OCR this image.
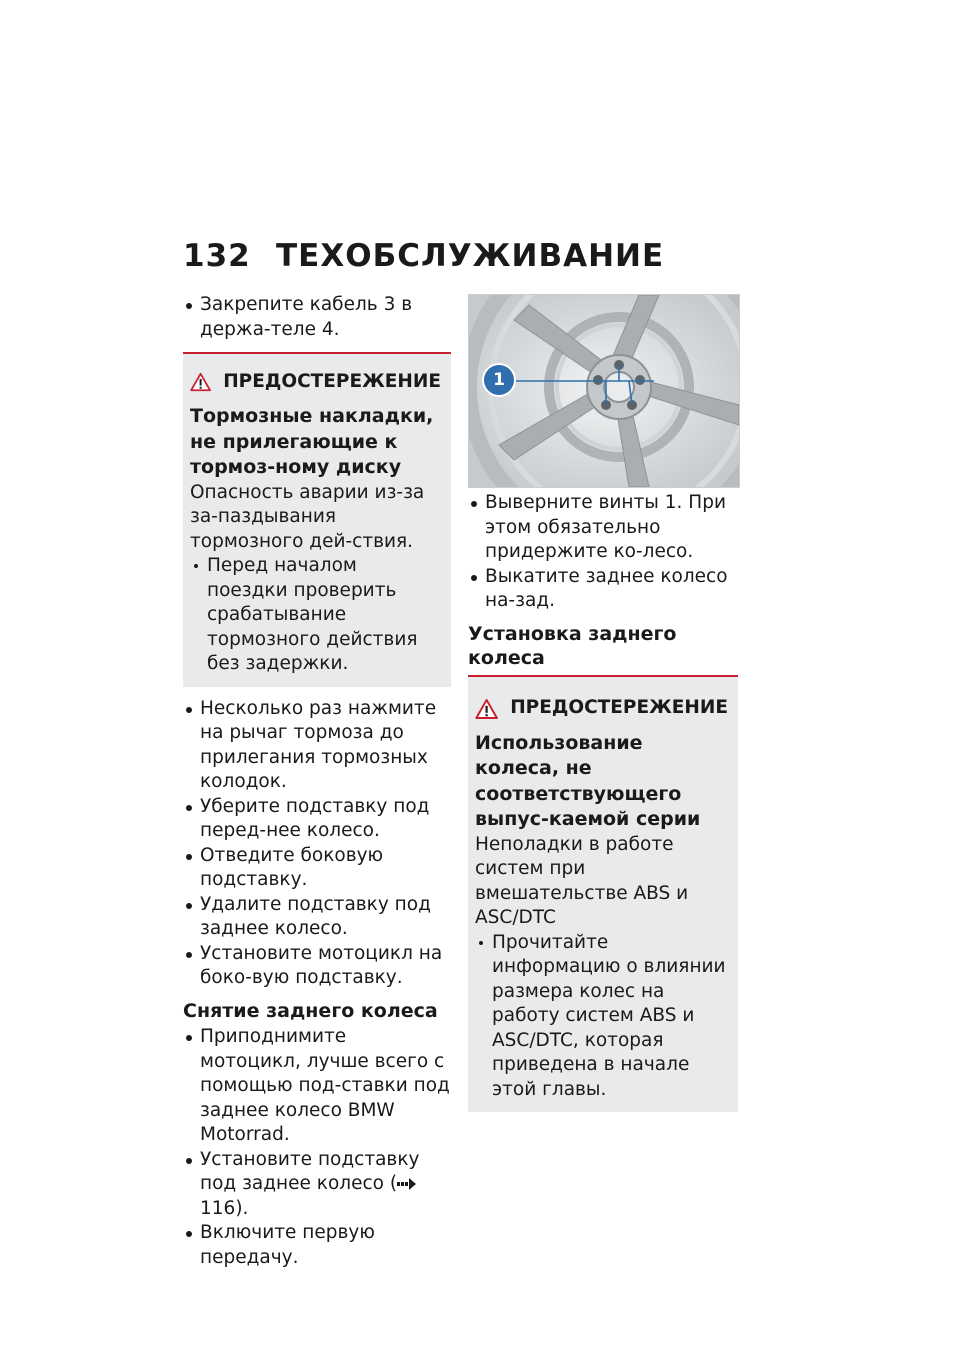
132 ТЕХОБСЛУЖИВАНИЕ
Закрепите кабель 3 в держа-теле 4.
ПРЕДОСТЕРЕЖЕНИЕ
Тормозные накладки, не прилегающие к тормоз-ному диску
Опасность аварии из-за за-паздывания тормозного дей-ствия.
Перед началом поездки проверить срабатывание тормозного действия без задержки.
Несколько раз нажмите на рычаг тормоза до прилегания тормозных колодок.
Уберите подставку под перед-нее колесо.
Отведите боковую подставку.
Удалите подставку под заднее колесо.
Установите мотоцикл на боко-вую подставку.
Снятие заднего колеса
Приподнимите мотоцикл, лучше всего с помощью под-ставки под заднее колесо BMW Motorrad.
Установите подставку под заднее колесо (116).
Включите первую передачу.
1
Выверните винты 1. При этом обязательно придержите ко-лесо.
Выкатите заднее колесо на-зад.
Установка заднего колеса
ПРЕДОСТЕРЕЖЕНИЕ
Использование колеса, не соответствующего выпус-каемой серии
Неполадки в работе систем при вмешательстве ABS и ASC/DTC
Прочитайте информацию о влиянии размера колес на работу систем ABS и ASC/DTC, которая приведена в начале этой главы.
